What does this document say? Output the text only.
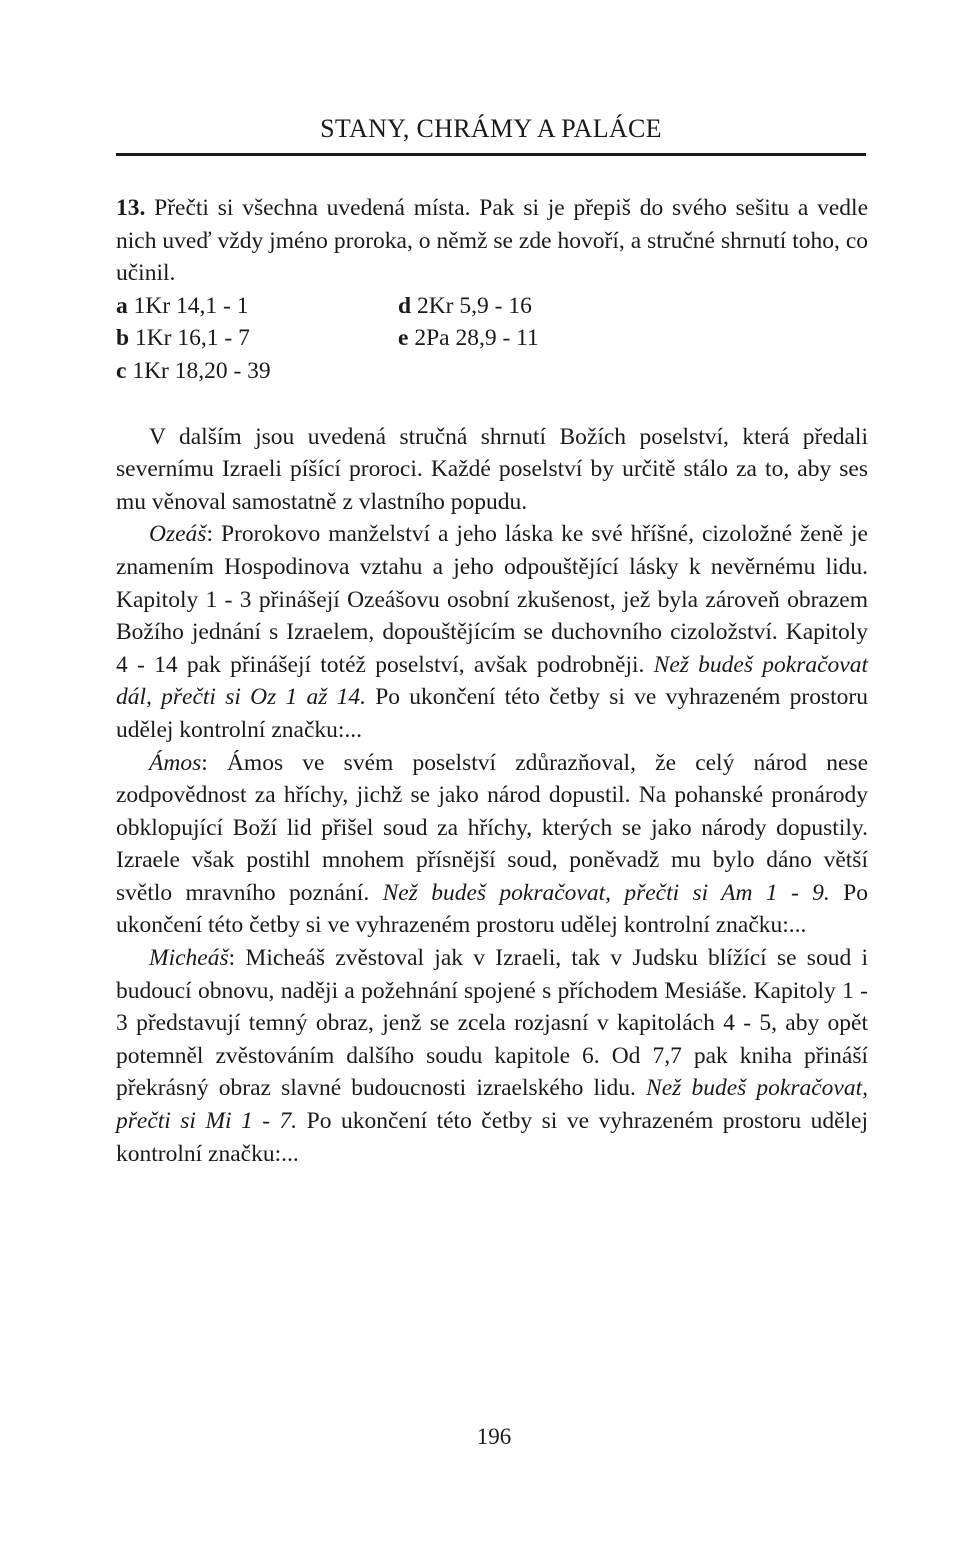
STANY, CHRÁMY A PALÁCE

13. Přečti si všechna uvedená místa. Pak si je přepiš do svého sešitu a vedle nich uveď vždy jméno proroka, o němž se zde hovoří, a stručné shrnutí toho, co učinil.

a 1Kr 14,1 - 1	d 2Kr 5,9 - 16
b 1Kr 16,1 - 7	e 2Pa 28,9 - 11
c 1Kr 18,20 - 39

V dalším jsou uvedená stručná shrnutí Božích poselství, která předali severnímu Izraeli píšící proroci. Každé poselství by určitě stálo za to, aby ses mu věnoval samostatně z vlastního popudu.

Ozeáš: Prorokovo manželství a jeho láska ke své hříšné, cizoložné ženě je znamením Hospodinova vztahu a jeho odpouštějící lásky k nevěrnému lidu. Kapitoly 1 - 3 přinášejí Ozeášovu osobní zkušenost, jež byla zároveň obrazem Božího jednání s Izraelem, dopouštějícím se duchovního cizoložství. Kapitoly 4 - 14 pak přinášejí totéž poselství, avšak podrobněji. Než budeš pokračovat dál, přečti si Oz 1 až 14. Po ukončení této četby si ve vyhrazeném prostoru udělej kontrolní značku:...

Ámos: Ámos ve svém poselství zdůrazňoval, že celý národ nese zodpovědnost za hříchy, jichž se jako národ dopustil. Na pohanské pronárody obklopující Boží lid přišel soud za hříchy, kterých se jako národy dopustily. Izraele však postihl mnohem přísnější soud, poněvadž mu bylo dáno větší světlo mravního poznání. Než budeš pokračovat, přečti si Am 1 - 9. Po ukončení této četby si ve vyhrazeném prostoru udělej kontrolní značku:...

Micheáš: Micheáš zvěstoval jak v Izraeli, tak v Judsku blížící se soud i budoucí obnovu, naději a požehnání spojené s příchodem Mesiáše. Kapitoly 1 - 3 představují temný obraz, jenž se zcela rozjasní v kapitolách 4 - 5, aby opět potemněl zvěstováním dalšího soudu kapitole 6. Od 7,7 pak kniha přináší překrásný obraz slavné budoucnosti izraelského lidu. Než budeš pokračovat, přečti si Mi 1 - 7. Po ukončení této četby si ve vyhrazeném prostoru udělej kontrolní značku:...

196
